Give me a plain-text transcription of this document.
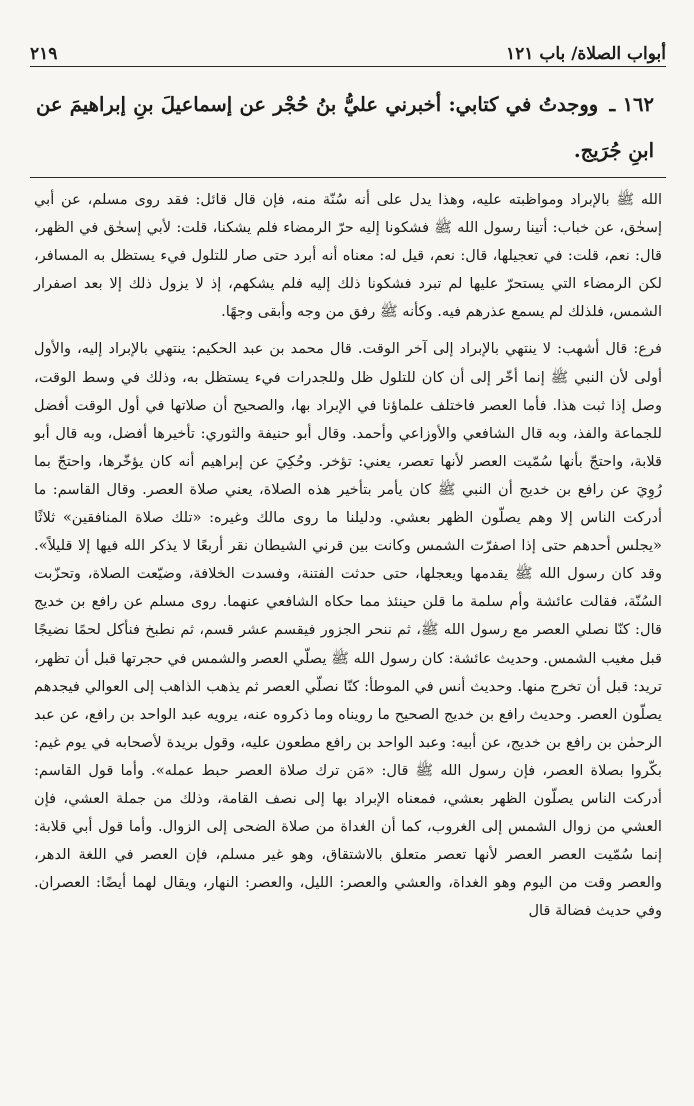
أبواب الصلاة/ باب ١٢١
٢١٩
١٦٢ ـ ووجدتُ في كتابي: أخبرني عليُّ بنُ حُجْر عن إسماعيلَ بنِ إبراهيمَ عن ابنِ جُرَيج.

الله ﷺ بالإبراد ومواظبته عليه، وهذا يدل على أنه سُنّة منه، فإن قال قائل: فقد روى مسلم، عن أبي إسحٰق، عن خباب: أتينا رسول الله ﷺ فشكونا إليه حرّ الرمضاء فلم يشكنا، قلت: لأبي إسحٰق في الظهر، قال: نعم، قلت: في تعجيلها، قال: نعم، قيل له: معناه أنه أبرد حتى صار للتلول فيء يستظل به المسافر، لكن الرمضاء التي يستحرّ عليها لم تبرد فشكونا ذلك إليه فلم يشكهم، إذ لا يزول ذلك إلا بعد اصفرار الشمس، فلذلك لم يسمع عذرهم فيه. وكأنه ﷺ رفق من وجه وأبقى وجهًا.

فرع: قال أشهب: لا ينتهي بالإبراد إلى آخر الوقت. قال محمد بن عبد الحكيم: ينتهي بالإبراد إليه، والأول أولى لأن النبي ﷺ إنما أخّر إلى أن كان للتلول ظل وللجدرات فيء يستظل به، وذلك في وسط الوقت، وصل إذا ثبت هذا. فأما العصر فاختلف علماؤنا في الإبراد بها، والصحيح أن صلاتها في أول الوقت أفضل للجماعة والفذ، وبه قال الشافعي والأوزاعي وأحمد. وقال أبو حنيفة والثوري: تأخيرها أفضل، وبه قال أبو قلابة، واحتجّ بأنها سُمّيت العصر لأنها تعصر، يعني: تؤخر. وحُكِيَ عن إبراهيم أنه كان يؤخّرها، واحتجّ بما رُوِيَ عن رافع بن خديج أن النبي ﷺ كان يأمر بتأخير هذه الصلاة، يعني صلاة العصر. وقال القاسم: ما أدركت الناس إلا وهم يصلّون الظهر بعشي. ودليلنا ما روى مالك وغيره: «تلك صلاة المنافقين» ثلاثًا «يجلس أحدهم حتى إذا اصفرّت الشمس وكانت بين قرني الشيطان نقر أربعًا لا يذكر الله فيها إلا قليلاً». وقد كان رسول الله ﷺ يقدمها ويعجلها، حتى حدثت الفتنة، وفسدت الخلافة، وضيّعت الصلاة، وتحزّبت السُنّة، فقالت عائشة وأم سلمة ما قلن حينئذ مما حكاه الشافعي عنهما. روى مسلم عن رافع بن خديج قال: كنّا نصلي العصر مع رسول الله ﷺ، ثم ننحر الجزور فيقسم عشر قسم، ثم نطبخ فنأكل لحمًا نضيجًا قبل مغيب الشمس. وحديث عائشة: كان رسول الله ﷺ يصلّي العصر والشمس في حجرتها قبل أن تظهر، تريد: قبل أن تخرج منها. وحديث أنس في الموطأ: كنّا نصلّي العصر ثم يذهب الذاهب إلى العوالي فيجدهم يصلّون العصر. وحديث رافع بن خديج الصحيح ما رويناه وما ذكروه عنه، يرويه عبد الواحد بن رافع، عن عبد الرحمٰن بن رافع بن خديج، عن أبيه: وعبد الواحد بن رافع مطعون عليه، وقول بريدة لأصحابه في يوم غيم: بكّروا بصلاة العصر، فإن رسول الله ﷺ قال: «مَن ترك صلاة العصر حبط عمله». وأما قول القاسم: أدركت الناس يصلّون الظهر بعشي، فمعناه الإبراد بها إلى نصف القامة، وذلك من جملة العشي، فإن العشي من زوال الشمس إلى الغروب، كما أن الغداة من صلاة الضحى إلى الزوال. وأما قول أبي قلابة: إنما سُمّيت العصر العصر لأنها تعصر متعلق بالاشتقاق، وهو غير مسلم، فإن العصر في اللغة الدهر، والعصر وقت من اليوم وهو الغداة، والعشي والعصر: الليل، والعصر: النهار، ويقال لهما أيضًا: العصران. وفي حديث فضالة قال
